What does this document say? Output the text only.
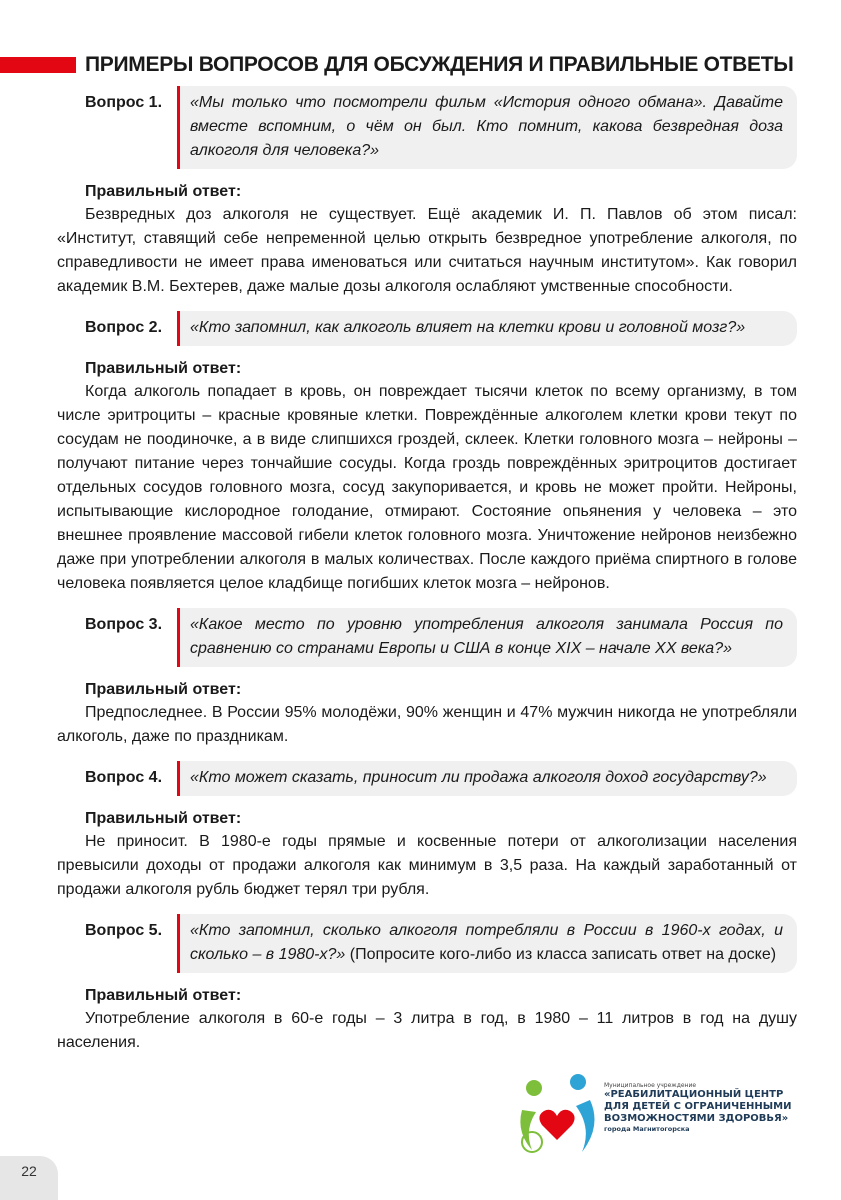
ПРИМЕРЫ ВОПРОСОВ ДЛЯ ОБСУЖДЕНИЯ И ПРАВИЛЬНЫЕ ОТВЕТЫ
Вопрос 1.	«Мы только что посмотрели фильм «История одного обмана». Давайте вместе вспомним, о чём он был. Кто помнит, какова безвредная доза алкоголя для человека?»
Правильный ответ:

Безвредных доз алкоголя не существует. Ещё академик И. П. Павлов об этом писал: «Институт, ставящий себе непременной целью открыть безвредное употребление алкоголя, по справедливости не имеет права именоваться или считаться научным институтом». Как говорил академик В.М. Бехтерев, даже малые дозы алкоголя ослабляют умственные способности.

Вопрос 2.	«Кто запомнил, как алкоголь влияет на клетки крови и головной мозг?»
Правильный ответ:

Когда алкоголь попадает в кровь, он повреждает тысячи клеток по всему организму, в том числе эритроциты – красные кровяные клетки. Повреждённые алкоголем клетки крови текут по сосудам не поодиночке, а в виде слипшихся гроздей, склеек. Клетки головного мозга – нейроны – получают питание через тончайшие сосуды. Когда гроздь повреждённых эритроцитов достигает отдельных сосудов головного мозга, сосуд закупоривается, и кровь не может пройти. Нейроны, испытывающие кислородное голодание, отмирают. Состояние опьянения у человека – это внешнее проявление массовой гибели клеток головного мозга. Уничтожение нейронов неизбежно даже при употреблении алкоголя в малых количествах. После каждого приёма спиртного в голове человека появляется целое кладбище погибших клеток мозга – нейронов.

Вопрос 3.	«Какое место по уровню употребления алкоголя занимала Россия по сравнению со странами Европы и США в конце XIX – начале XX века?»
Правильный ответ:

Предпоследнее. В России 95% молодёжи, 90% женщин и 47% мужчин никогда не употребляли алкоголь, даже по праздникам.

Вопрос 4.	«Кто может сказать, приносит ли продажа алкоголя доход государству?»
Правильный ответ:

Не приносит. В 1980-е годы прямые и косвенные потери от алкоголизации населения превысили доходы от продажи алкоголя как минимум в 3,5 раза. На каждый заработанный от продажи алкоголя рубль бюджет терял три рубля.

Вопрос 5.	«Кто запомнил, сколько алкоголя потребляли в России в 1960-х годах, и сколько – в 1980-х?» (Попросите кого-либо из класса записать ответ на доске)
Правильный ответ:

Употребление алкоголя в 60-е годы – 3 литра в год, в 1980 – 11 литров в год на душу населения.

Муниципальное учреждение
«РЕАБИЛИТАЦИОННЫЙ ЦЕНТР
ДЛЯ ДЕТЕЙ С ОГРАНИЧЕННЫМИ
ВОЗМОЖНОСТЯМИ ЗДОРОВЬЯ»
города Магнитогорска
22
